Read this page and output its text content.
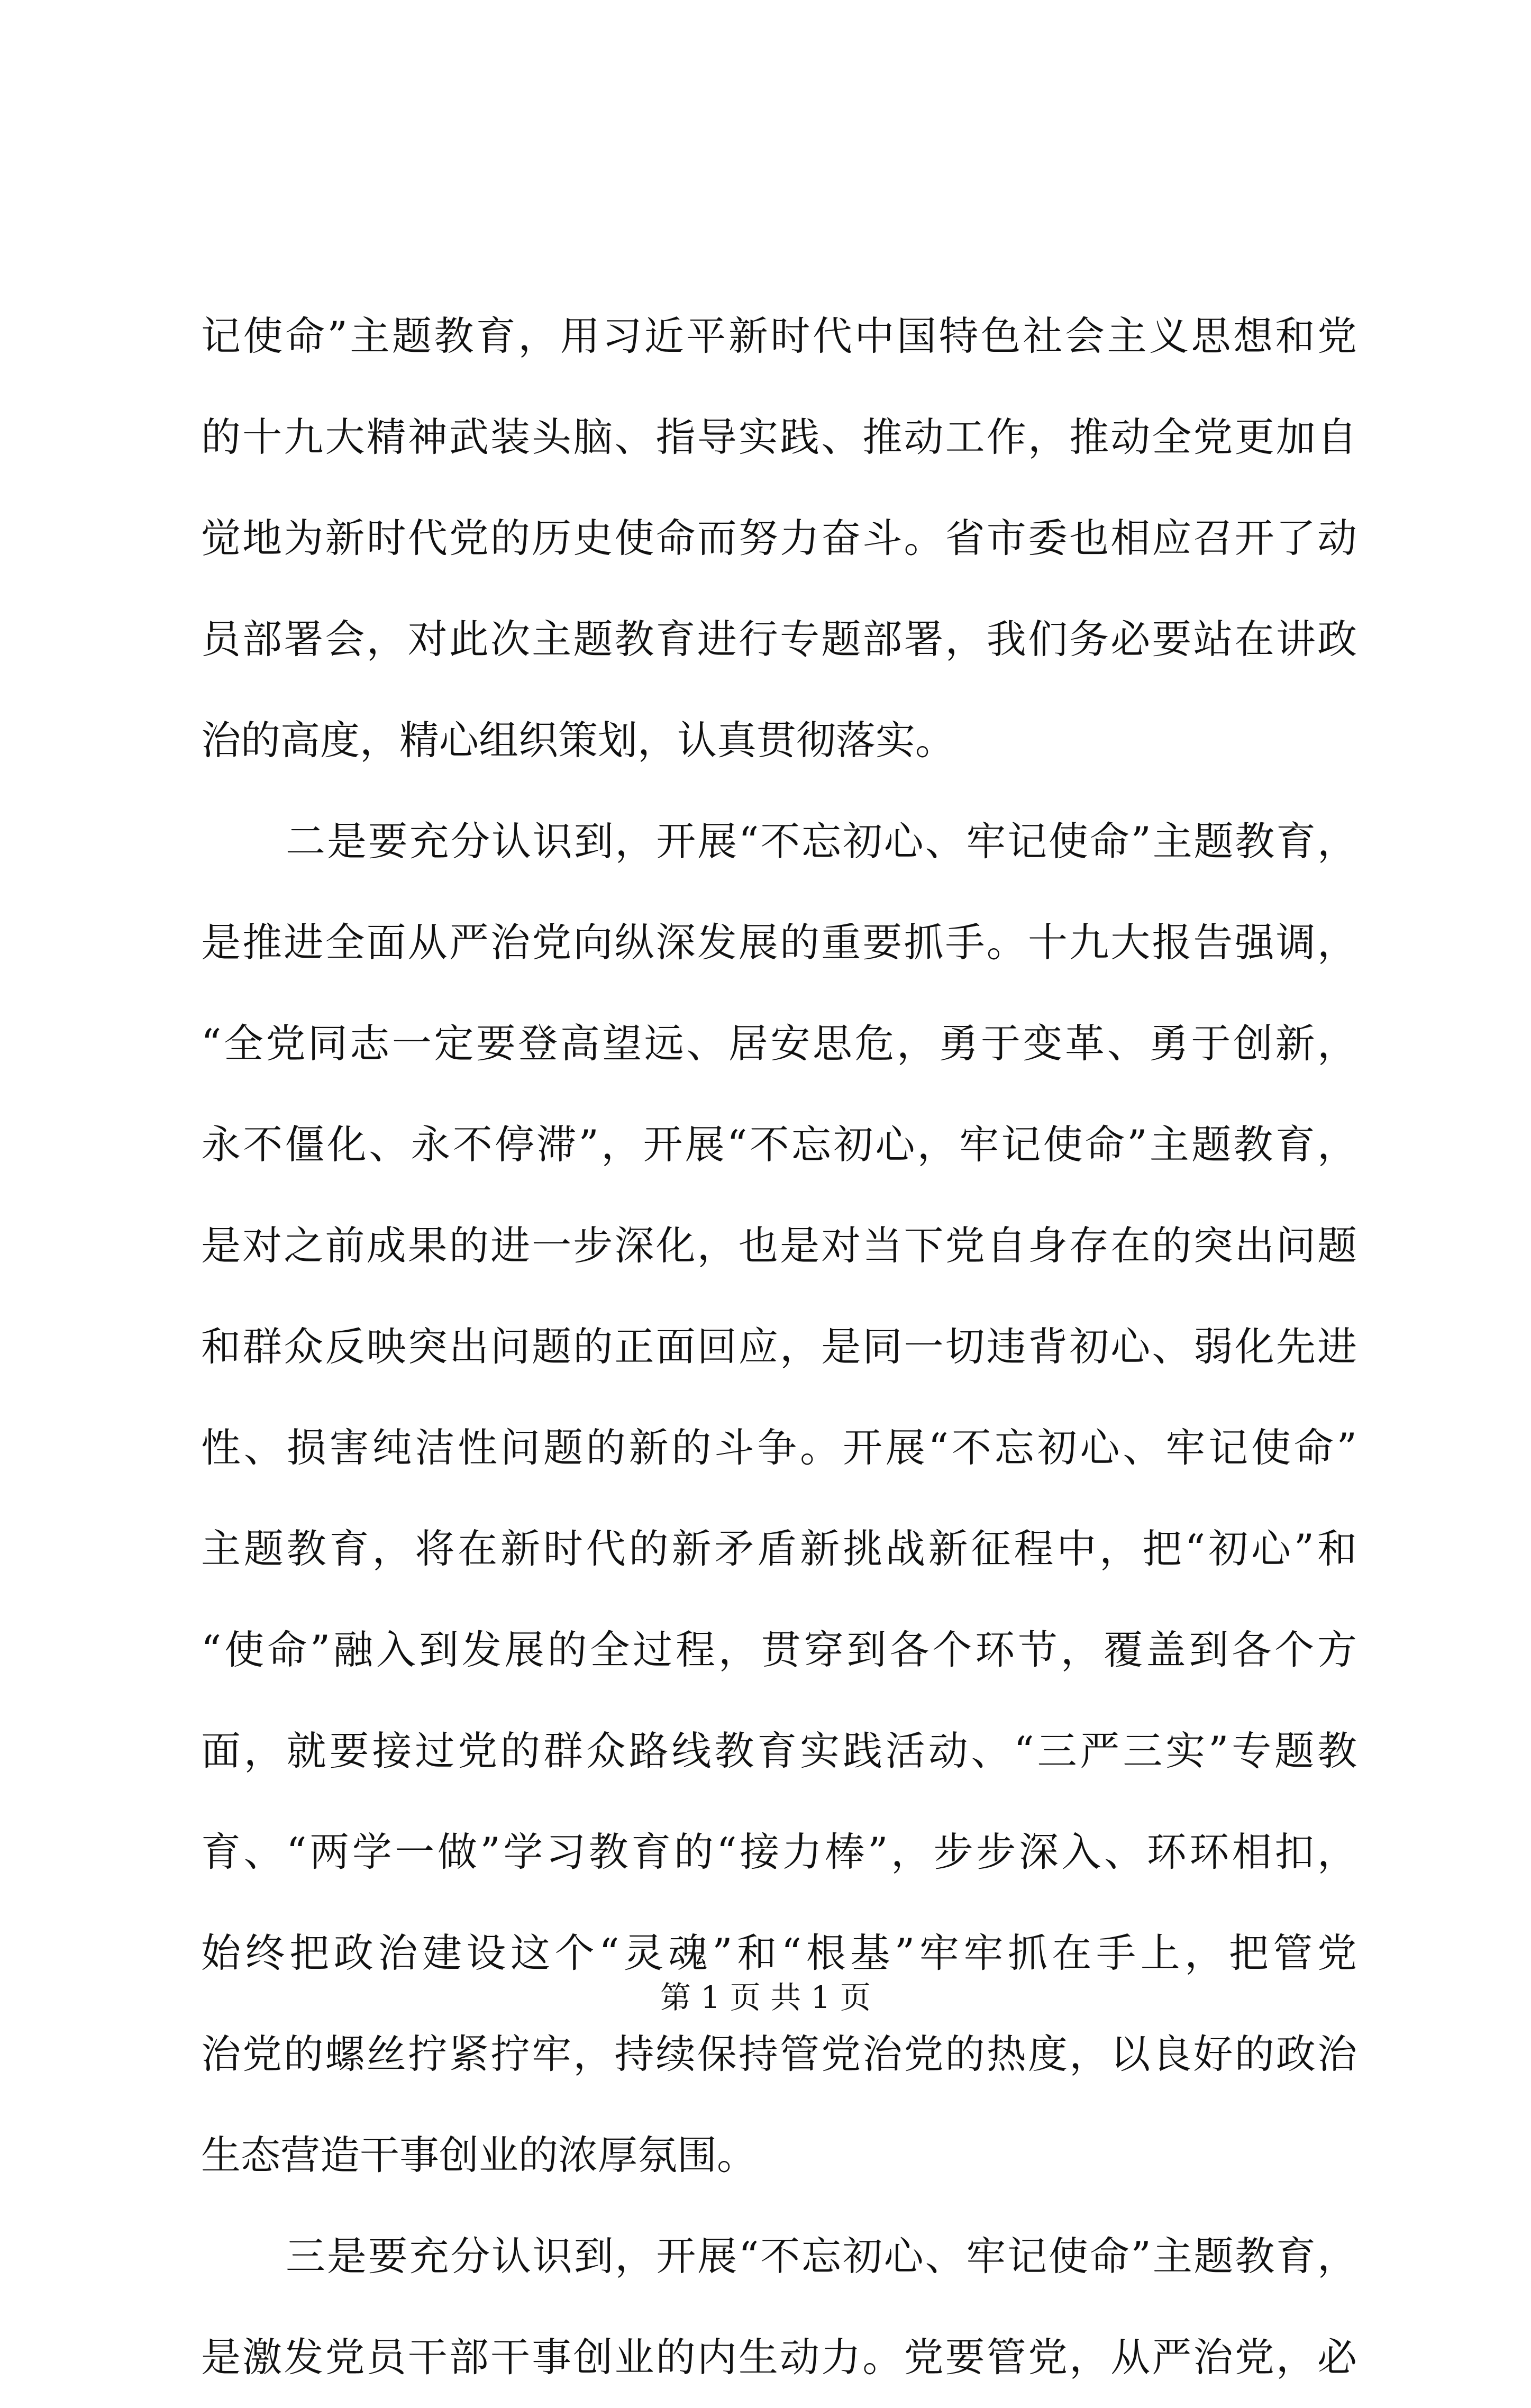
记使命”主题教育，用习近平新时代中国特色社会主义思想和党
的十九大精神武装头脑、指导实践、推动工作，推动全党更加自
觉地为新时代党的历史使命而努力奋斗。省市委也相应召开了动
员部署会，对此次主题教育进行专题部署，我们务必要站在讲政
治的高度，精心组织策划，认真贯彻落实。
二是要充分认识到，开展“不忘初心、牢记使命”主题教育，
是推进全面从严治党向纵深发展的重要抓手。十九大报告强调，
“全党同志一定要登高望远、居安思危，勇于变革、勇于创新，
永不僵化、永不停滞”，开展“不忘初心，牢记使命”主题教育，
是对之前成果的进一步深化，也是对当下党自身存在的突出问题
和群众反映突出问题的正面回应，是同一切违背初心、弱化先进
性、损害纯洁性问题的新的斗争。开展“不忘初心、牢记使命”
主题教育，将在新时代的新矛盾新挑战新征程中，把“初心”和
“使命”融入到发展的全过程，贯穿到各个环节，覆盖到各个方
面，就要接过党的群众路线教育实践活动、“三严三实”专题教
育、“两学一做”学习教育的“接力棒”，步步深入、环环相扣，
始终把政治建设这个“灵魂”和“根基”牢牢抓在手上，把管党
治党的螺丝拧紧拧牢，持续保持管党治党的热度，以良好的政治
生态营造干事创业的浓厚氛围。
三是要充分认识到，开展“不忘初心、牢记使命”主题教育，
是激发党员干部干事创业的内生动力。党要管党，从严治党，必
第 1 页 共 1 页
